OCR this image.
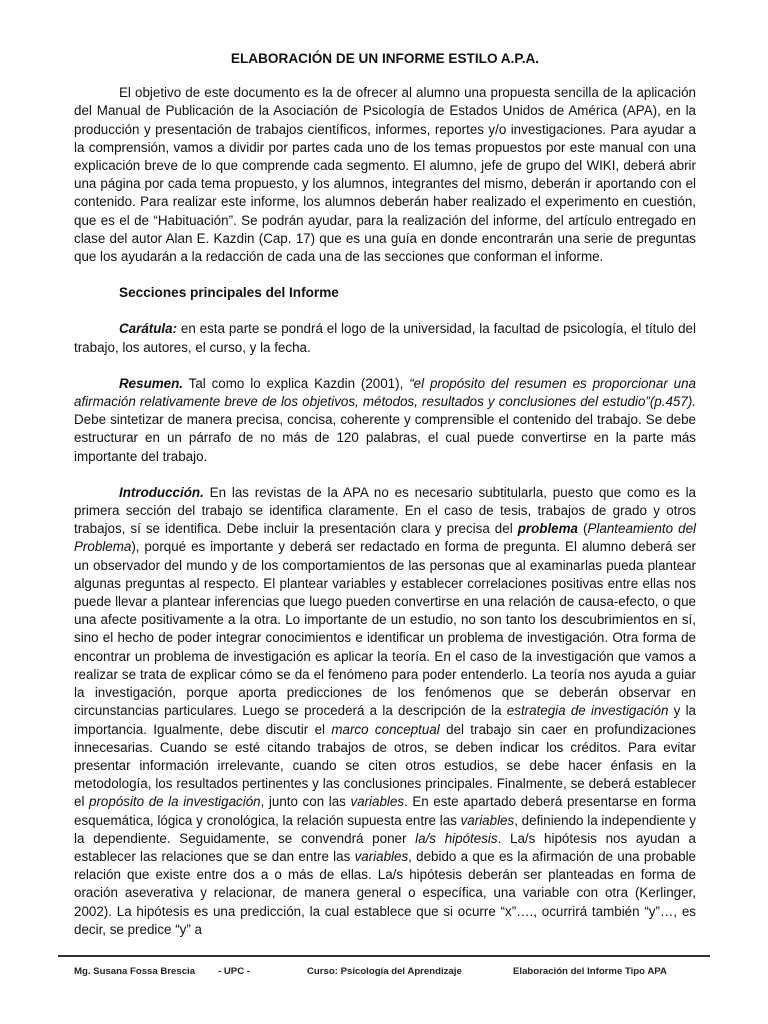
ELABORACIÓN DE UN INFORME ESTILO A.P.A.

El objetivo de este documento es la de ofrecer al alumno una propuesta sencilla de la aplicación del Manual de Publicación de la Asociación de Psicología de Estados Unidos de América (APA), en la producción y presentación de trabajos científicos, informes, reportes y/o investigaciones. Para ayudar a la comprensión, vamos a dividir por partes cada uno de los temas propuestos por este manual con una explicación breve de lo que comprende cada segmento. El alumno, jefe de grupo del WIKI, deberá abrir una página por cada tema propuesto, y los alumnos, integrantes del mismo, deberán ir aportando con el contenido. Para realizar este informe, los alumnos deberán haber realizado el experimento en cuestión, que es el de “Habituación”. Se podrán ayudar, para la realización del informe, del artículo entregado en clase del autor Alan E. Kazdin (Cap. 17) que es una guía en donde encontrarán una serie de preguntas que los ayudarán a la redacción de cada una de las secciones que conforman el informe.

Secciones principales del Informe

Carátula: en esta parte se pondrá el logo de la universidad, la facultad de psicología, el título del trabajo, los autores, el curso, y la fecha.

Resumen. Tal como lo explica Kazdin (2001), “el propósito del resumen es proporcionar una afirmación relativamente breve de los objetivos, métodos, resultados y conclusiones del estudio”(p.457). Debe sintetizar de manera precisa, concisa, coherente y comprensible el contenido del trabajo. Se debe estructurar en un párrafo de no más de 120 palabras, el cual puede convertirse en la parte más importante del trabajo.

Introducción. En las revistas de la APA no es necesario subtitularla, puesto que como es la primera sección del trabajo se identifica claramente. En el caso de tesis, trabajos de grado y otros trabajos, sí se identifica. Debe incluir la presentación clara y precisa del problema (Planteamiento del Problema), porqué es importante y deberá ser redactado en forma de pregunta. El alumno deberá ser un observador del mundo y de los comportamientos de las personas que al examinarlas pueda plantear algunas preguntas al respecto. El plantear variables y establecer correlaciones positivas entre ellas nos puede llevar a plantear inferencias que luego pueden convertirse en una relación de causa-efecto, o que una afecte positivamente a la otra. Lo importante de un estudio, no son tanto los descubrimientos en sí, sino el hecho de poder integrar conocimientos e identificar un problema de investigación. Otra forma de encontrar un problema de investigación es aplicar la teoría. En el caso de la investigación que vamos a realizar se trata de explicar cómo se da el fenómeno para poder entenderlo. La teoría nos ayuda a guiar la investigación, porque aporta predicciones de los fenómenos que se deberán observar en circunstancias particulares. Luego se procederá a la descripción de la estrategia de investigación y la importancia. Igualmente, debe discutir el marco conceptual del trabajo sin caer en profundizaciones innecesarias. Cuando se esté citando trabajos de otros, se deben indicar los créditos. Para evitar presentar información irrelevante, cuando se citen otros estudios, se debe hacer énfasis en la metodología, los resultados pertinentes y las conclusiones principales. Finalmente, se deberá establecer el propósito de la investigación, junto con las variables. En este apartado deberá presentarse en forma esquemática, lógica y cronológica, la relación supuesta entre las variables, definiendo la independiente y la dependiente. Seguidamente, se convendrá poner la/s hipótesis. La/s hipótesis nos ayudan a establecer las relaciones que se dan entre las variables, debido a que es la afirmación de una probable relación que existe entre dos a o más de ellas. La/s hipótesis deberán ser planteadas en forma de oración aseverativa y relacionar, de manera general o específica, una variable con otra (Kerlinger, 2002). La hipótesis es una predicción, la cual establece que si ocurre “x”…., ocurrirá también “y”…, es decir, se predice “y” a

Mg. Susana Fossa Brescia - UPC -	Curso: Psicología del Aprendizaje	Elaboración del Informe Tipo APA
